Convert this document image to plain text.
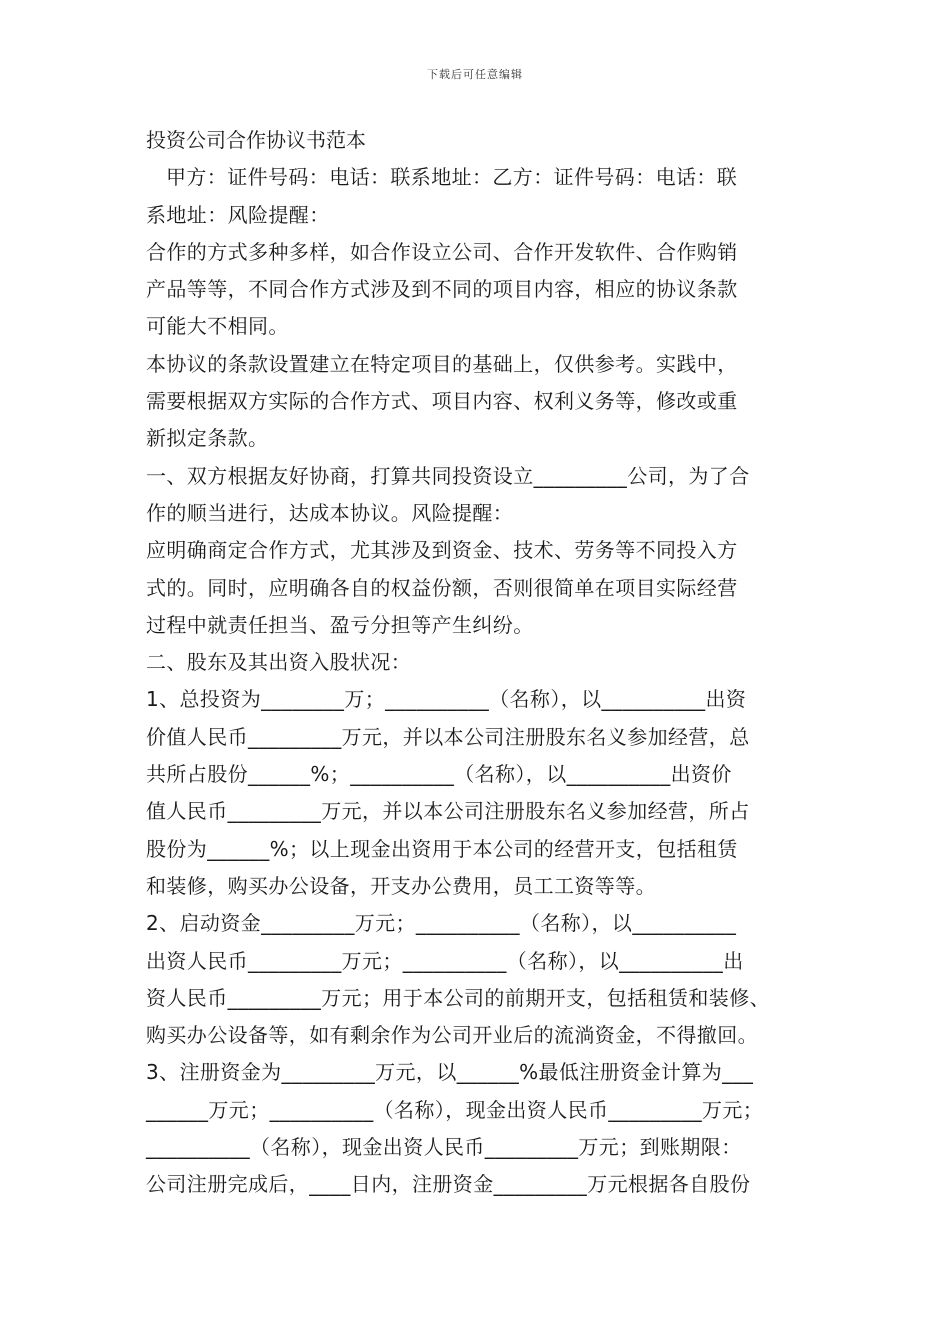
下载后可任意编辑
投资公司合作协议书范本
甲方：证件号码：电话：联系地址：乙方：证件号码：电话：联
系地址：风险提醒：
合作的方式多种多样，如合作设立公司、合作开发软件、合作购销
产品等等，不同合作方式涉及到不同的项目内容，相应的协议条款
可能大不相同。
本协议的条款设置建立在特定项目的基础上，仅供参考。实践中，
需要根据双方实际的合作方式、项目内容、权利义务等，修改或重
新拟定条款。
一、双方根据友好协商，打算共同投资设立_________公司，为了合
作的顺当进行，达成本协议。风险提醒：
应明确商定合作方式，尤其涉及到资金、技术、劳务等不同投入方
式的。同时，应明确各自的权益份额，否则很简单在项目实际经营
过程中就责任担当、盈亏分担等产生纠纷。
二、股东及其出资入股状况：
1、总投资为________万；__________（名称），以__________出资
价值人民币_________万元，并以本公司注册股东名义参加经营，总
共所占股份______%；__________（名称），以__________出资价
值人民币_________万元，并以本公司注册股东名义参加经营，所占
股份为______%；以上现金出资用于本公司的经营开支，包括租赁
和装修，购买办公设备，开支办公费用，员工工资等等。
2、启动资金_________万元；__________（名称），以__________
出资人民币_________万元；__________（名称），以__________出
资人民币_________万元；用于本公司的前期开支，包括租赁和装修、
购买办公设备等，如有剩余作为公司开业后的流淌资金，不得撤回。
3、注册资金为_________万元，以______%最低注册资金计算为___
______万元；__________（名称），现金出资人民币_________万元；
__________（名称），现金出资人民币_________万元；到账期限：
公司注册完成后，____日内，注册资金_________万元根据各自股份
